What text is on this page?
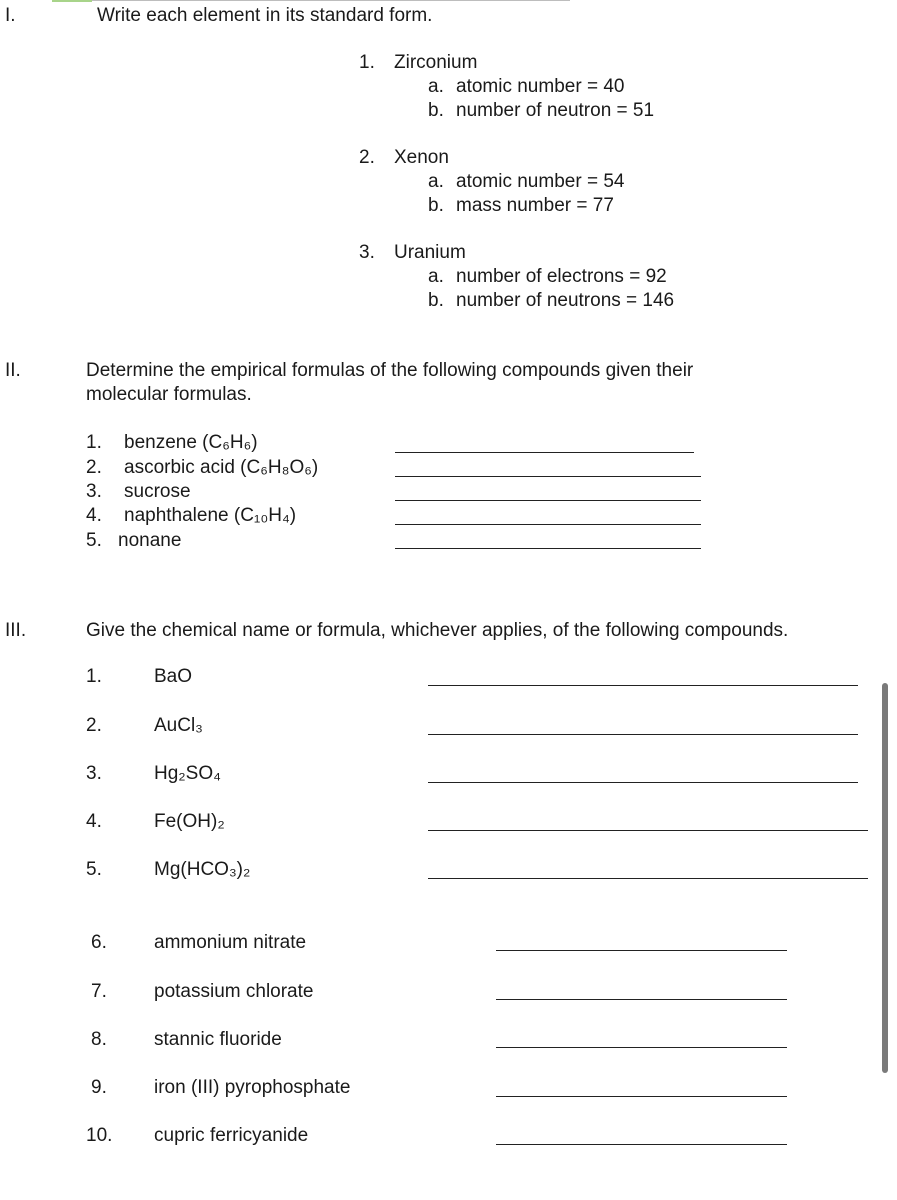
I.	Write each element in its standard form.
1. Zirconium
a. atomic number = 40
b. number of neutron = 51
2. Xenon
a. atomic number = 54
b. mass number = 77
3. Uranium
a. number of electrons = 92
b. number of neutrons = 146
II.	Determine the empirical formulas of the following compounds given their
molecular formulas.
1. benzene (C₆H₆)
2. ascorbic acid (C₆H₈O₆)
3. sucrose
4. naphthalene (C₁₀H₄)
5. nonane
III.	Give the chemical name or formula, whichever applies, of the following compounds.
1.	BaO
2.	AuCl₃
3.	Hg₂SO₄
4.	Fe(OH)₂
5.	Mg(HCO₃)₂
6. ammonium nitrate
7. potassium chlorate
8. stannic fluoride
9. iron (III) pyrophosphate
10. cupric ferricyanide
